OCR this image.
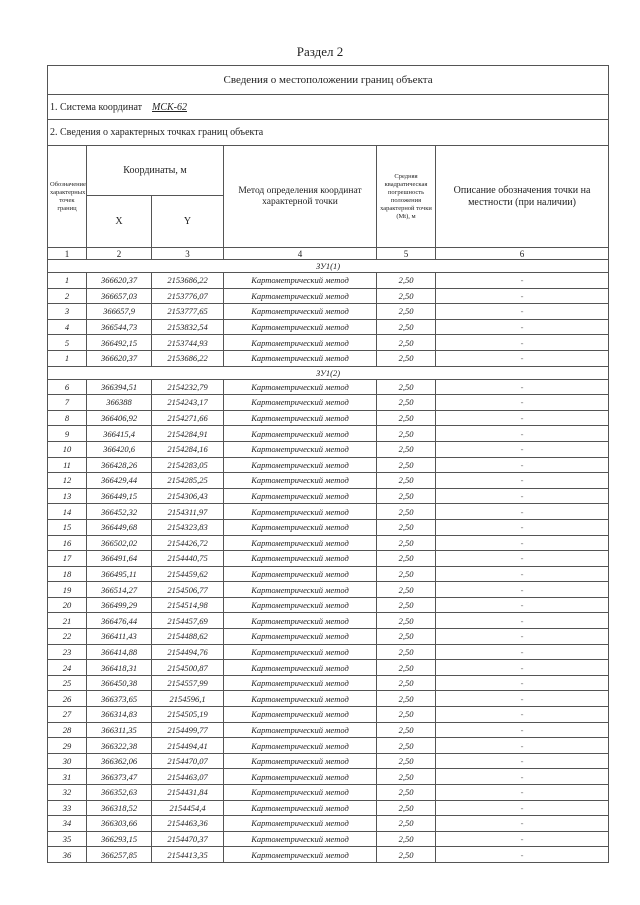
Раздел 2
Сведения о местоположении границ объекта					
1. Система координат МСК-62					
2. Сведения о характерных точках границ объекта					
Обозначение характерных точек границ	Координаты, м		Метод определения координат характерной точки	Средняя квадратическая погрешность положения характерной точки (Mt), м	Описание обозначения точки на местности (при наличии)
	X	Y			
1	2	3	4	5	6
ЗУ1(1)					
1	366620,37	2153686,22	Картометрический метод	2,50	-
2	366657,03	2153776,07	Картометрический метод	2,50	-
3	366657,9	2153777,65	Картометрический метод	2,50	-
4	366544,73	2153832,54	Картометрический метод	2,50	-
5	366492,15	2153744,93	Картометрический метод	2,50	-
1	366620,37	2153686,22	Картометрический метод	2,50	-
ЗУ1(2)					
6	366394,51	2154232,79	Картометрический метод	2,50	-
7	366388	2154243,17	Картометрический метод	2,50	-
8	366406,92	2154271,66	Картометрический метод	2,50	-
9	366415,4	2154284,91	Картометрический метод	2,50	-
10	366420,6	2154284,16	Картометрический метод	2,50	-
11	366428,26	2154283,05	Картометрический метод	2,50	-
12	366429,44	2154285,25	Картометрический метод	2,50	-
13	366449,15	2154306,43	Картометрический метод	2,50	-
14	366452,32	2154311,97	Картометрический метод	2,50	-
15	366449,68	2154323,83	Картометрический метод	2,50	-
16	366502,02	2154426,72	Картометрический метод	2,50	-
17	366491,64	2154440,75	Картометрический метод	2,50	-
18	366495,11	2154459,62	Картометрический метод	2,50	-
19	366514,27	2154506,77	Картометрический метод	2,50	-
20	366499,29	2154514,98	Картометрический метод	2,50	-
21	366476,44	2154457,69	Картометрический метод	2,50	-
22	366411,43	2154488,62	Картометрический метод	2,50	-
23	366414,88	2154494,76	Картометрический метод	2,50	-
24	366418,31	2154500,87	Картометрический метод	2,50	-
25	366450,38	2154557,99	Картометрический метод	2,50	-
26	366373,65	2154596,1	Картометрический метод	2,50	-
27	366314,83	2154505,19	Картометрический метод	2,50	-
28	366311,35	2154499,77	Картометрический метод	2,50	-
29	366322,38	2154494,41	Картометрический метод	2,50	-
30	366362,06	2154470,07	Картометрический метод	2,50	-
31	366373,47	2154463,07	Картометрический метод	2,50	-
32	366352,63	2154431,84	Картометрический метод	2,50	-
33	366318,52	2154454,4	Картометрический метод	2,50	-
34	366303,66	2154463,36	Картометрический метод	2,50	-
35	366293,15	2154470,37	Картометрический метод	2,50	-
36	366257,85	2154413,35	Картометрический метод	2,50	-
